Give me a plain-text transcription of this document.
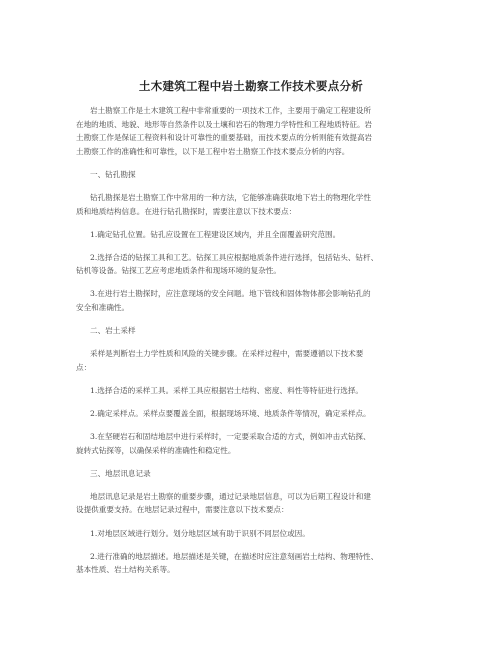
土木建筑工程中岩土勘察工作技术要点分析
岩土勘察工作是土木建筑工程中非常重要的一项技术工作，主要用于确定工程建设所
在地的地质、地貌、地形等自然条件以及土壤和岩石的物理力学特性和工程地质特征。岩
土勘察工作是保证工程资料和设计可靠性的重要基础，而技术要点的分析则能有效提高岩
土勘察工作的准确性和可靠性，以下是工程中岩土勘察工作技术要点分析的内容。
一、钻孔勘探
钻孔勘探是岩土勘察工作中常用的一种方法，它能够准确获取地下岩土的物理化学性
质和地质结构信息。在进行钻孔勘探时，需要注意以下技术要点：
1.确定钻孔位置。钻孔应设置在工程建设区域内，并且全面覆盖研究范围。
2.选择合适的钻探工具和工艺。钻探工具应根据地质条件进行选择，包括钻头、钻杆、
钻机等设备。钻探工艺应考虑地质条件和现场环境的复杂性。
3.在进行岩土勘探时，应注意现场的安全问题。地下管线和固体物体都会影响钻孔的
安全和准确性。
二、岩土采样
采样是判断岩土力学性质和风险的关键步骤。在采样过程中，需要遵循以下技术要
点：
1.选择合适的采样工具。采样工具应根据岩土结构、密度、料性等特征进行选择。
2.确定采样点。采样点要覆盖全面，根据现场环境、地质条件等情况，确定采样点。
3.在坚硬岩石和固结地层中进行采样时，一定要采取合适的方式，例如冲击式钻探、
旋转式钻探等，以确保采样的准确性和稳定性。
三、地层讯息记录
地层讯息记录是岩土勘察的重要步骤，通过记录地层信息，可以为后期工程设计和建
设提供重要支持。在地层记录过程中，需要注意以下技术要点：
1.对地层区域进行划分。划分地层区域有助于识别不同层位或因。
2.进行准确的地层描述。地层描述是关键，在描述时应注意刻画岩土结构、物理特性、
基本性质、岩土结构关系等。
